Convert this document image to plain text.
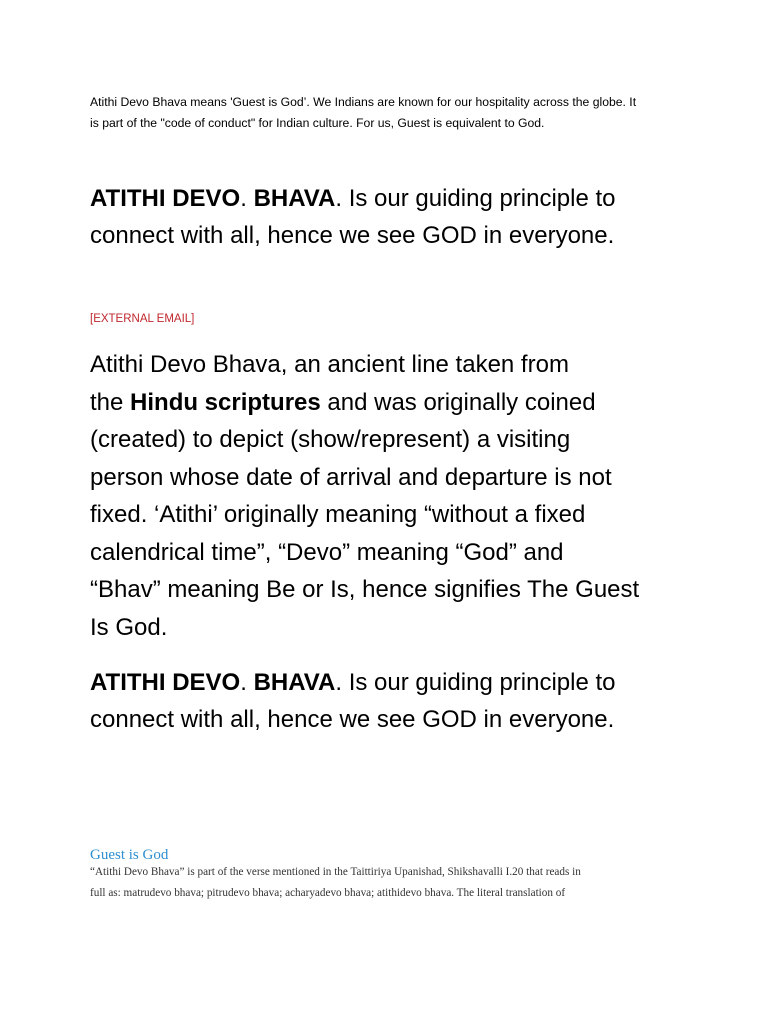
Atithi Devo Bhava means 'Guest is God’. We Indians are known for our hospitality across the globe. It
is part of the "code of conduct" for Indian culture. For us, Guest is equivalent to God.

ATITHI DEVO. BHAVA. Is our guiding principle to
connect with all, hence we see GOD in everyone.

[EXTERNAL EMAIL]

Atithi Devo Bhava, an ancient line taken from
the Hindu scriptures and was originally coined
(created) to depict (show/represent) a visiting
person whose date of arrival and departure is not
fixed. ‘Atithi’ originally meaning “without a fixed
calendrical time”, “Devo” meaning “God” and
“Bhav” meaning Be or Is, hence signifies The Guest
Is God.

ATITHI DEVO. BHAVA. Is our guiding principle to
connect with all, hence we see GOD in everyone.

Guest is God

“Atithi Devo Bhava” is part of the verse mentioned in the Taittiriya Upanishad, Shikshavalli I.20 that reads in
full as: matrudevo bhava; pitrudevo bhava; acharyadevo bhava; atithidevo bhava. The literal translation of
